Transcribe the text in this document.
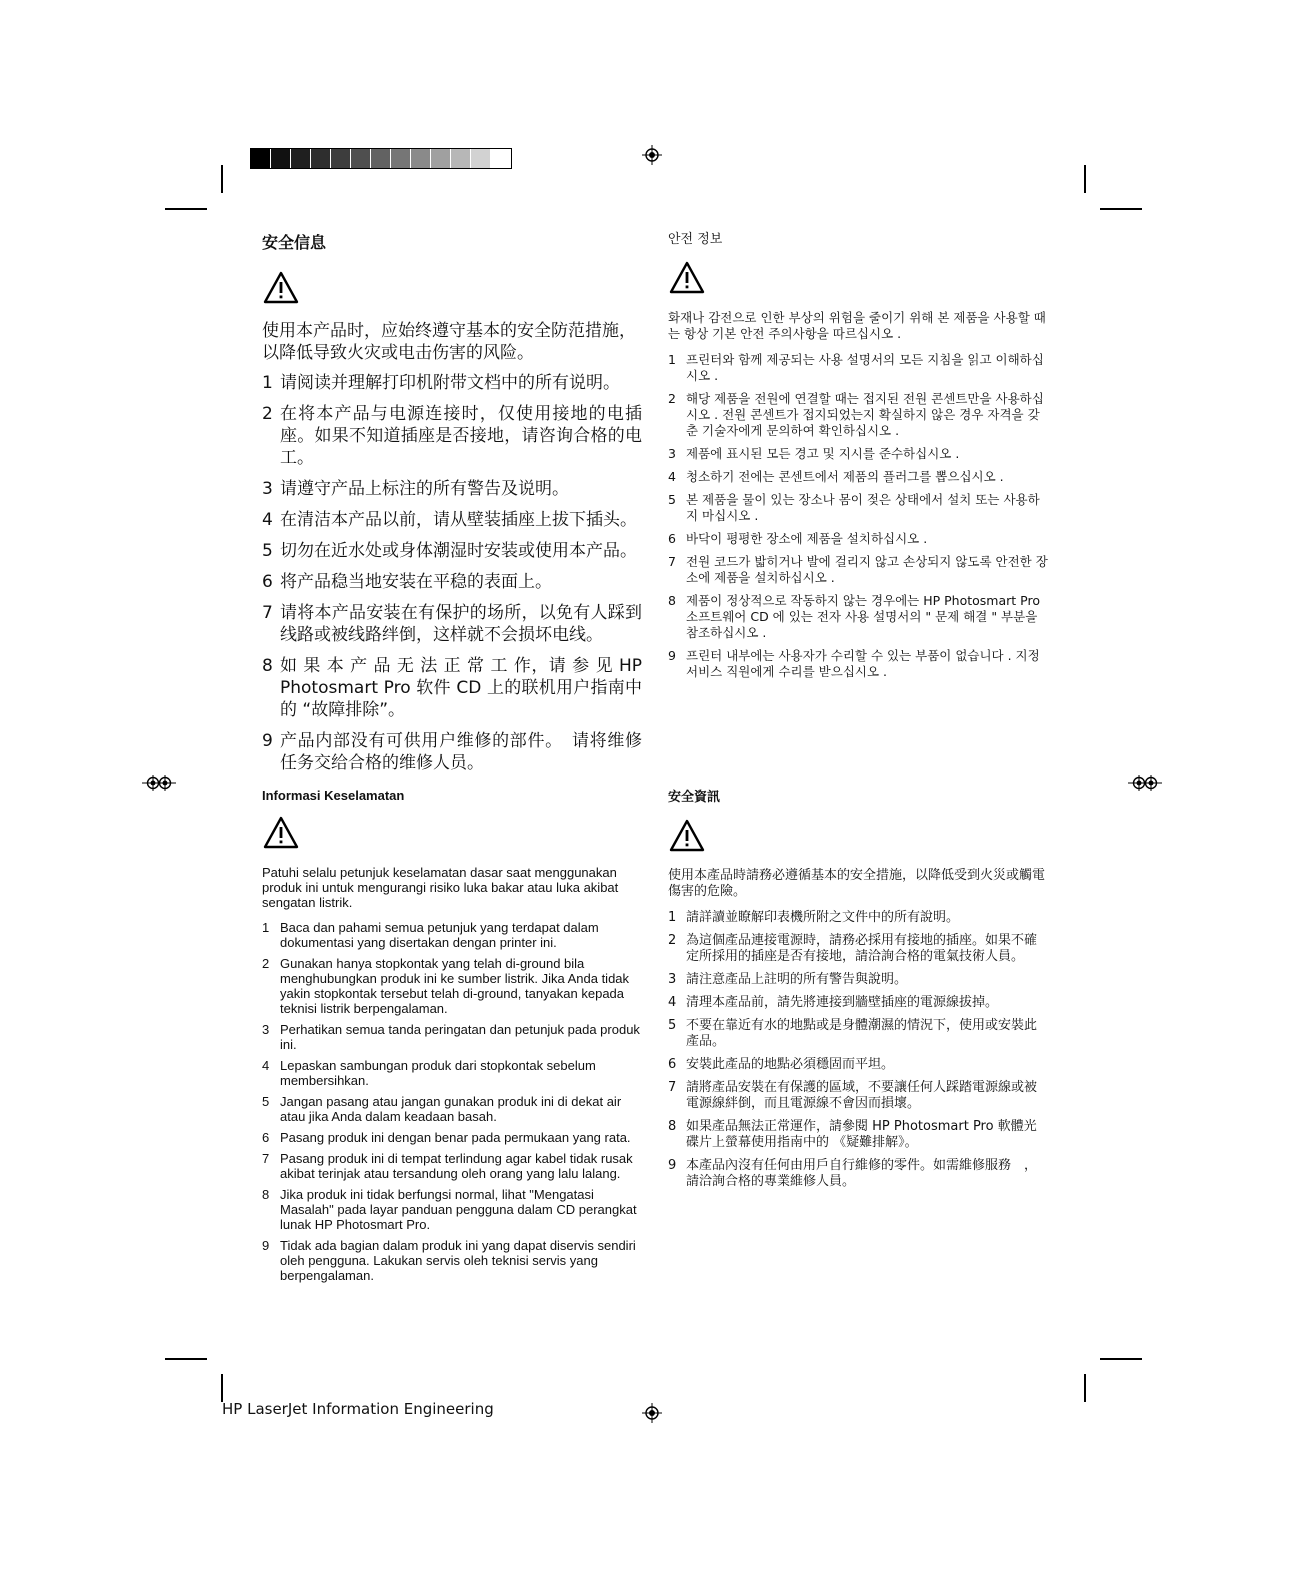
安全信息

使用本产品时，应始终遵守基本的安全防范措施，以降低导致火灾或电击伤害的风险。

1 请阅读并理解打印机附带文档中的所有说明。
2 在将本产品与电源连接时，仅使用接地的电插座。如果不知道插座是否接地，请咨询合格的电工。
3 请遵守产品上标注的所有警告及说明。
4 在清洁本产品以前，请从壁装插座上拔下插头。
5 切勿在近水处或身体潮湿时安装或使用本产品。
6 将产品稳当地安装在平稳的表面上。
7 请将本产品安装在有保护的场所，以免有人踩到线路或被线路绊倒，这样就不会损坏电线。
8 如 果 本 产 品 无 法 正 常 工 作，请 参 见 HP Photosmart Pro 软件 CD 上的联机用户指南中的 “故障排除”。
9 产品内部没有可供用户维修的部件。　请将维修任务交给合格的维修人员。
안전 정보

화재나 감전으로 인한 부상의 위험을 줄이기 위해 본 제품을 사용할 때는 항상 기본 안전 주의사항을 따르십시오 .

1 프린터와 함께 제공되는 사용 설명서의 모든 지침을 읽고 이해하십시오 .
2 해당 제품을 전원에 연결할 때는 접지된 전원 콘센트만을 사용하십시오 . 전원 콘센트가 접지되었는지 확실하지 않은 경우 자격을 갖춘 기술자에게 문의하여 확인하십시오 .
3 제품에 표시된 모든 경고 및 지시를 준수하십시오 .
4 청소하기 전에는 콘센트에서 제품의 플러그를 뽑으십시오 .
5 본 제품을 물이 있는 장소나 몸이 젖은 상태에서 설치 또는 사용하지 마십시오 .
6 바닥이 평평한 장소에 제품을 설치하십시오 .
7 전원 코드가 밟히거나 발에 걸리지 않고 손상되지 않도록 안전한 장소에 제품을 설치하십시오 .
8 제품이 정상적으로 작동하지 않는 경우에는 HP Photosmart Pro 소프트웨어 CD 에 있는 전자 사용 설명서의 " 문제 해결 " 부분을 참조하십시오 .
9 프린터 내부에는 사용자가 수리할 수 있는 부품이 없습니다 . 지정 서비스 직원에게 수리를 받으십시오 .
Informasi Keselamatan

Patuhi selalu petunjuk keselamatan dasar saat menggunakan produk ini untuk mengurangi risiko luka bakar atau luka akibat sengatan listrik.

1 Baca dan pahami semua petunjuk yang terdapat dalam dokumentasi yang disertakan dengan printer ini.
2 Gunakan hanya stopkontak yang telah di-ground bila menghubungkan produk ini ke sumber listrik. Jika Anda tidak yakin stopkontak tersebut telah di-ground, tanyakan kepada teknisi listrik berpengalaman.
3 Perhatikan semua tanda peringatan dan petunjuk pada produk ini.
4 Lepaskan sambungan produk dari stopkontak sebelum membersihkan.
5 Jangan pasang atau jangan gunakan produk ini di dekat air atau jika Anda dalam keadaan basah.
6 Pasang produk ini dengan benar pada permukaan yang rata.
7 Pasang produk ini di tempat terlindung agar kabel tidak rusak akibat terinjak atau tersandung oleh orang yang lalu lalang.
8 Jika produk ini tidak berfungsi normal, lihat "Mengatasi Masalah" pada layar panduan pengguna dalam CD perangkat lunak HP Photosmart Pro.
9 Tidak ada bagian dalam produk ini yang dapat diservis sendiri oleh pengguna. Lakukan servis oleh teknisi servis yang berpengalaman.
安全資訊

使用本產品時請務必遵循基本的安全措施，以降低受到火災或觸電傷害的危險。

1 請詳讀並瞭解印表機所附之文件中的所有說明。
2 為這個產品連接電源時，請務必採用有接地的插座。如果不確定所採用的插座是否有接地，請洽詢合格的電氣技術人員。
3 請注意產品上註明的所有警告與說明。
4 清理本產品前，請先將連接到牆壁插座的電源線拔掉。
5 不要在靠近有水的地點或是身體潮濕的情況下，使用或安裝此產品。
6 安裝此產品的地點必須穩固而平坦。
7 請將產品安裝在有保護的區域，不要讓任何人踩踏電源線或被電源線絆倒，而且電源線不會因而損壞。
8 如果產品無法正常運作，請參閱 HP Photosmart Pro 軟體光碟片上螢幕使用指南中的 《疑難排解》。
9 本產品內沒有任何由用戶自行維修的零件。如需維修服務　，請洽詢合格的專業維修人員。
HP LaserJet Information Engineering
